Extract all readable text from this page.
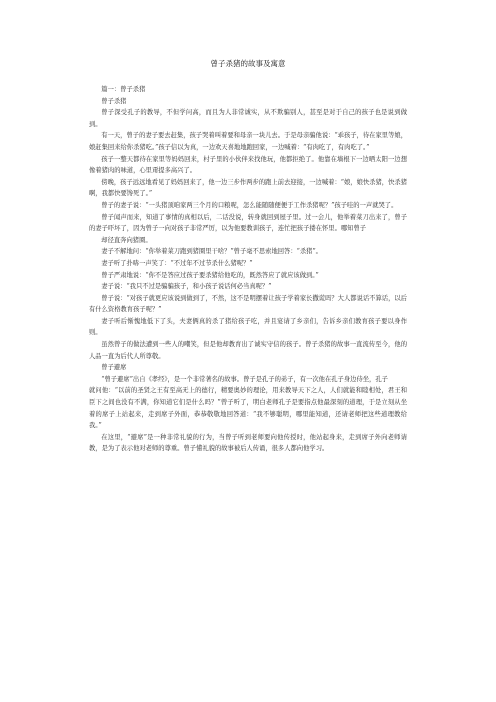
曾子杀猪的故事及寓意

篇一：曾子杀猪

曾子杀猪

曾子深受孔子的教导，不但学问高，而且为人非常诚实，从不欺骗别人，甚至是对于自己的孩子也是说到做到。

有一天，曾子的妻子要去赶集，孩子哭着叫着要和母亲一块儿去。于是母亲骗他说：“乖孩子，待在家里等娘，娘赶集回来给你杀猪吃。”孩子信以为真，一边欢天喜地地跑回家，一边喊着：“有肉吃了，有肉吃了。”

孩子一整天都待在家里等妈妈回来，村子里的小伙伴来找他玩，他都拒绝了。他靠在墙根下一边晒太阳一边想像着猪肉的味道，心里甭提多高兴了。

傍晚，孩子远远地看见了妈妈回来了，他一边三步作两步的跑上前去迎接，一边喊着：“娘，娘快杀猪，快杀猪啊，我都快要馋死了。”

曾子的妻子说：“一头猪顶咱家两三个月的口粮呢，怎么能随随便便于工作杀猪呢？”孩子哇的一声就哭了。

曾子闻声而来，知道了事情的真相以后，二话没说，转身就回到屋子里。过一会儿，他举着菜刀出来了，曾子的妻子吓坏了，因为曾子一向对孩子非常严厉，以为他要教训孩子，连忙把孩子搂在怀里。哪知曾子

却径直奔向猪圈。

妻子不解地问：“你举着菜刀跑到猪圈里干啥？”曾子毫不思索地回答：“杀猪”。

妻子听了扑哧一声笑了：“不过年不过节杀什么猪呢？”

曾子严肃地说：“你不是答应过孩子要杀猪给他吃的，既然答应了就应该做到。”

妻子说：“我只不过是骗骗孩子，和小孩子说话何必当真呢？”

曾子说：“对孩子就更应该说到做到了，不然，这不是明摆着让孩子学着家长撒谎吗？大人都说话不算话，以后有什么资格教育孩子呢？”

妻子听后惭愧地低下了头，夫妻俩真的杀了猪给孩子吃，并且宴请了乡亲们，告诉乡亲们教育孩子要以身作则。

虽然曾子的做法遭到一些人的嘲笑，但是他却教育出了诚实守信的孩子。曾子杀猪的故事一直流传至今，他的人品一直为后代人所尊敬。

曾子避席

“曾子避席”出自《孝经》，是一个非常著名的故事。曾子是孔子的弟子，有一次他在孔子身边侍坐，孔子

就问他：“以前的圣贤之王有至高无上的德行，精要奥妙的理论，用来教导天下之人，人们就能和睦相处，君王和臣下之间也没有不满，你知道它们是什么吗？”曾子听了，明白老师孔子是要指点他最深刻的道理，于是立刻从坐着的席子上站起来，走到席子外面，恭恭敬敬地回答道：“我不够聪明，哪里能知道，还请老师把这些道理教给我。”

在这里，“避席”是一种非常礼貌的行为，当曾子听到老师要向他传授时，他站起身来，走到席子外向老师请教，是为了表示他对老师的尊重。曾子懂礼貌的故事被后人传诵，很多人都向他学习。
